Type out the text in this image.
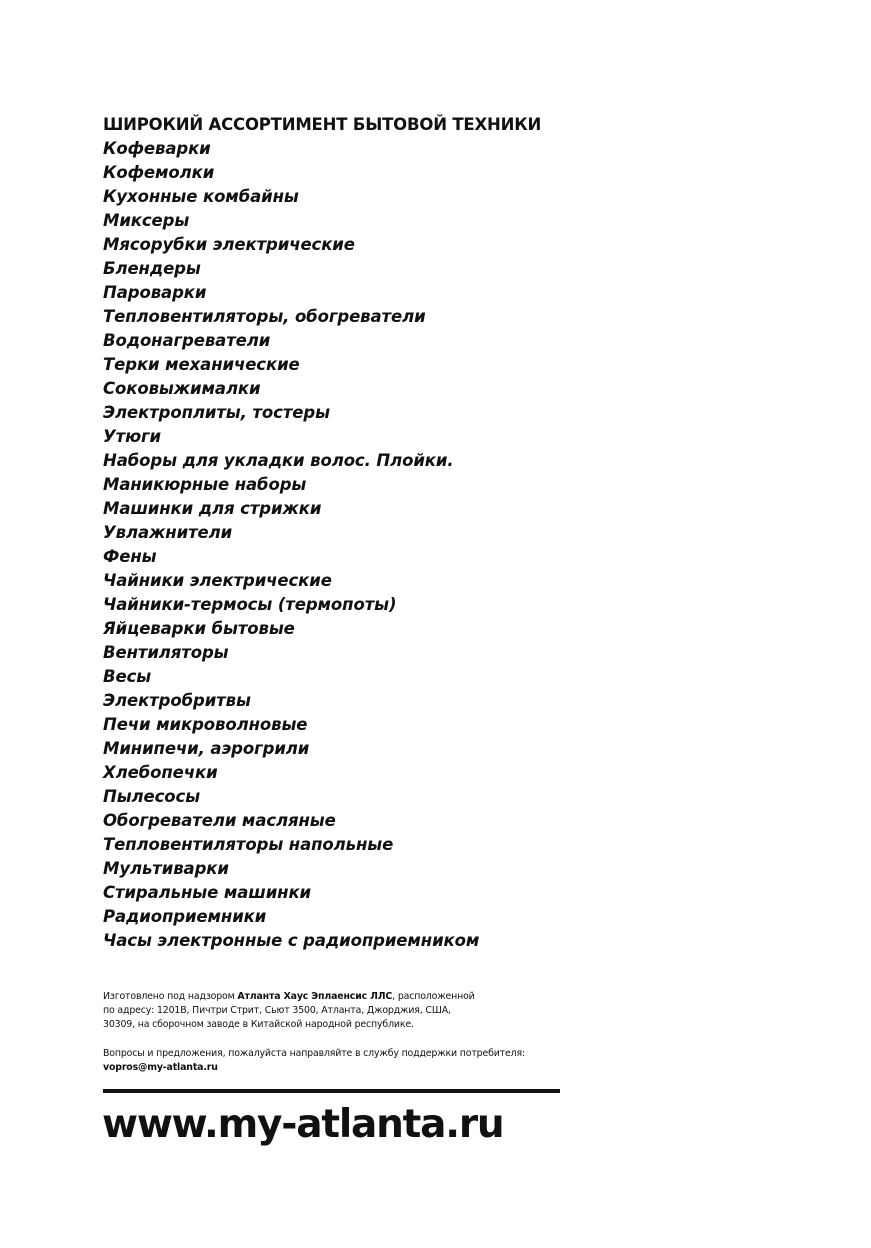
ШИРОКИЙ АССОРТИМЕНТ БЫТОВОЙ ТЕХНИКИ
Кофеварки
Кофемолки
Кухонные комбайны
Миксеры
Мясорубки электрические
Блендеры
Пароварки
Тепловентиляторы, обогреватели
Водонагреватели
Терки механические
Соковыжималки
Электроплиты, тостеры
Утюги
Наборы для укладки волос. Плойки.
Маникюрные наборы
Машинки для стрижки
Увлажнители
Фены
Чайники электрические
Чайники-термосы (термопоты)
Яйцеварки бытовые
Вентиляторы
Весы
Электробритвы
Печи микроволновые
Минипечи, аэрогрили
Хлебопечки
Пылесосы
Обогреватели масляные
Тепловентиляторы напольные
Мультиварки
Стиральные машинки
Радиоприемники
Часы электронные с радиоприемником

Изготовлено под надзором Атланта Хаус Эплаенсис ЛЛС, расположенной
по адресу: 1201В, Пичтри Стрит, Сьют 3500, Атланта, Джорджия, США,
30309, на сборочном заводе в Китайской народной республике.

Вопросы и предложения, пожалуйста направляйте в службу поддержки потребителя:
vopros@my-atlanta.ru

www.my-atlanta.ru
